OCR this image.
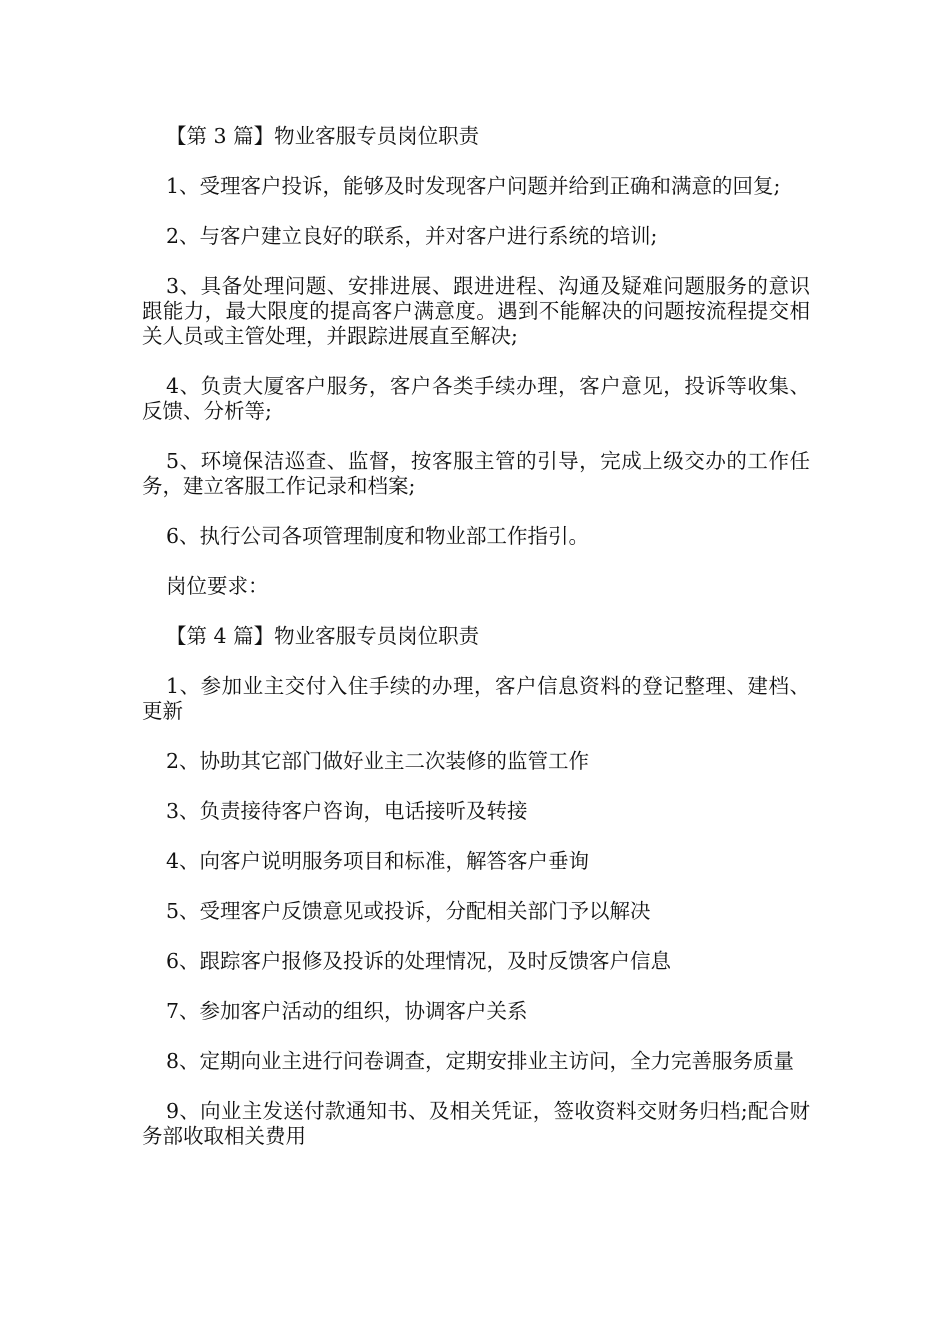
【第 3 篇】物业客服专员岗位职责

1、受理客户投诉，能够及时发现客户问题并给到正确和满意的回复;

2、与客户建立良好的联系，并对客户进行系统的培训;

3、具备处理问题、安排进展、跟进进程、沟通及疑难问题服务的意识跟能力，最大限度的提高客户满意度。遇到不能解决的问题按流程提交相关人员或主管处理，并跟踪进展直至解决;

4、负责大厦客户服务，客户各类手续办理，客户意见，投诉等收集、反馈、分析等;

5、环境保洁巡查、监督，按客服主管的引导，完成上级交办的工作任务，建立客服工作记录和档案;

6、执行公司各项管理制度和物业部工作指引。

岗位要求：

【第 4 篇】物业客服专员岗位职责

1、参加业主交付入住手续的办理，客户信息资料的登记整理、建档、更新

2、协助其它部门做好业主二次装修的监管工作

3、负责接待客户咨询，电话接听及转接

4、向客户说明服务项目和标准，解答客户垂询

5、受理客户反馈意见或投诉，分配相关部门予以解决

6、跟踪客户报修及投诉的处理情况，及时反馈客户信息

7、参加客户活动的组织，协调客户关系

8、定期向业主进行问卷调查，定期安排业主访问，全力完善服务质量

9、向业主发送付款通知书、及相关凭证，签收资料交财务归档;配合财务部收取相关费用
